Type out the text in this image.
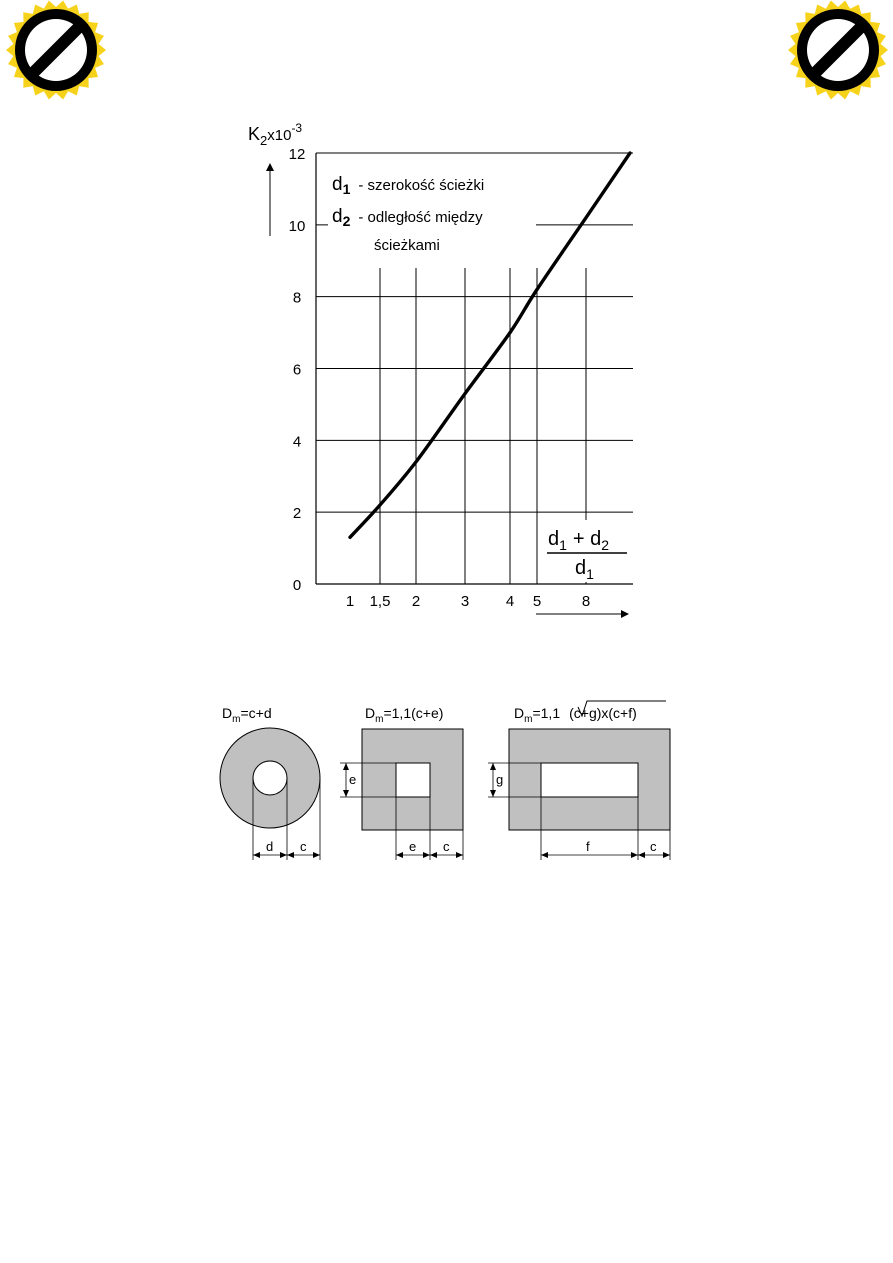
0
2
4
6
8
10
12
1 1,5 2	3 4 5	8
$K_2^{x10-3}$
d1 - szerokość ścieżki
d2 - odległość między
ścieżkami
$d_1 + d_2$
$d_1$
$D_m=c+d$
d c
$D_m=1,1(c+e)$
e
e c
$D_m=1,1$ (c+g)x(c+f)
g
f	c
